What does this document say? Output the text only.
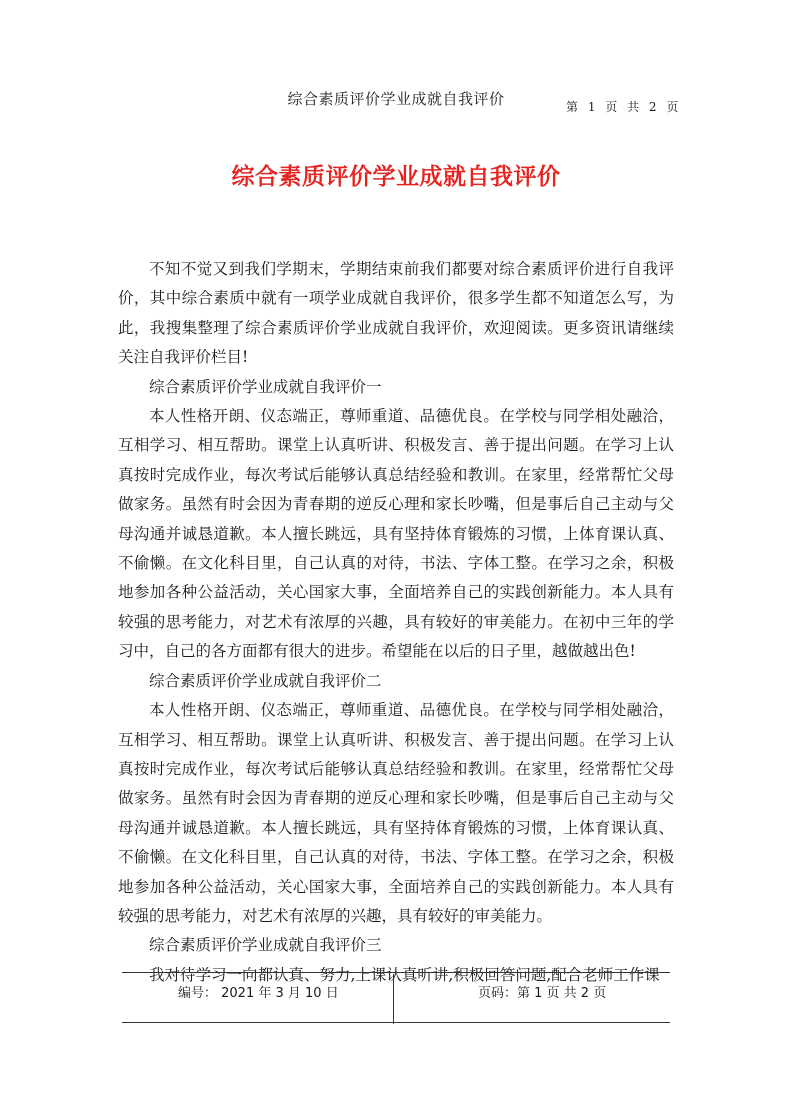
综合素质评价学业成就自我评价	第 1 页 共 2 页
综合素质评价学业成就自我评价

不知不觉又到我们学期末，学期结束前我们都要对综合素质评价进行自我评价，其中综合素质中就有一项学业成就自我评价，很多学生都不知道怎么写，为此，我搜集整理了综合素质评价学业成就自我评价，欢迎阅读。更多资讯请继续关注自我评价栏目!

综合素质评价学业成就自我评价一

本人性格开朗、仪态端正，尊师重道、品德优良。在学校与同学相处融洽，互相学习、相互帮助。课堂上认真听讲、积极发言、善于提出问题。在学习上认真按时完成作业，每次考试后能够认真总结经验和教训。在家里，经常帮忙父母做家务。虽然有时会因为青春期的逆反心理和家长吵嘴，但是事后自己主动与父母沟通并诚恳道歉。本人擅长跳远，具有坚持体育锻炼的习惯，上体育课认真、不偷懒。在文化科目里，自己认真的对待，书法、字体工整。在学习之余，积极地参加各种公益活动，关心国家大事，全面培养自己的实践创新能力。本人具有较强的思考能力，对艺术有浓厚的兴趣，具有较好的审美能力。在初中三年的学习中，自己的各方面都有很大的进步。希望能在以后的日子里，越做越出色!

综合素质评价学业成就自我评价二

本人性格开朗、仪态端正，尊师重道、品德优良。在学校与同学相处融洽，互相学习、相互帮助。课堂上认真听讲、积极发言、善于提出问题。在学习上认真按时完成作业，每次考试后能够认真总结经验和教训。在家里，经常帮忙父母做家务。虽然有时会因为青春期的逆反心理和家长吵嘴，但是事后自己主动与父母沟通并诚恳道歉。本人擅长跳远，具有坚持体育锻炼的习惯，上体育课认真、不偷懒。在文化科目里，自己认真的对待，书法、字体工整。在学习之余，积极地参加各种公益活动，关心国家大事，全面培养自己的实践创新能力。本人具有较强的思考能力，对艺术有浓厚的兴趣，具有较好的审美能力。

综合素质评价学业成就自我评价三

我对待学习一向都认真、努力,上课认真听讲,积极回答问题,配合老师工作课

编号： 2021 年 3 月 10 日	页码：第 1 页 共 2 页
